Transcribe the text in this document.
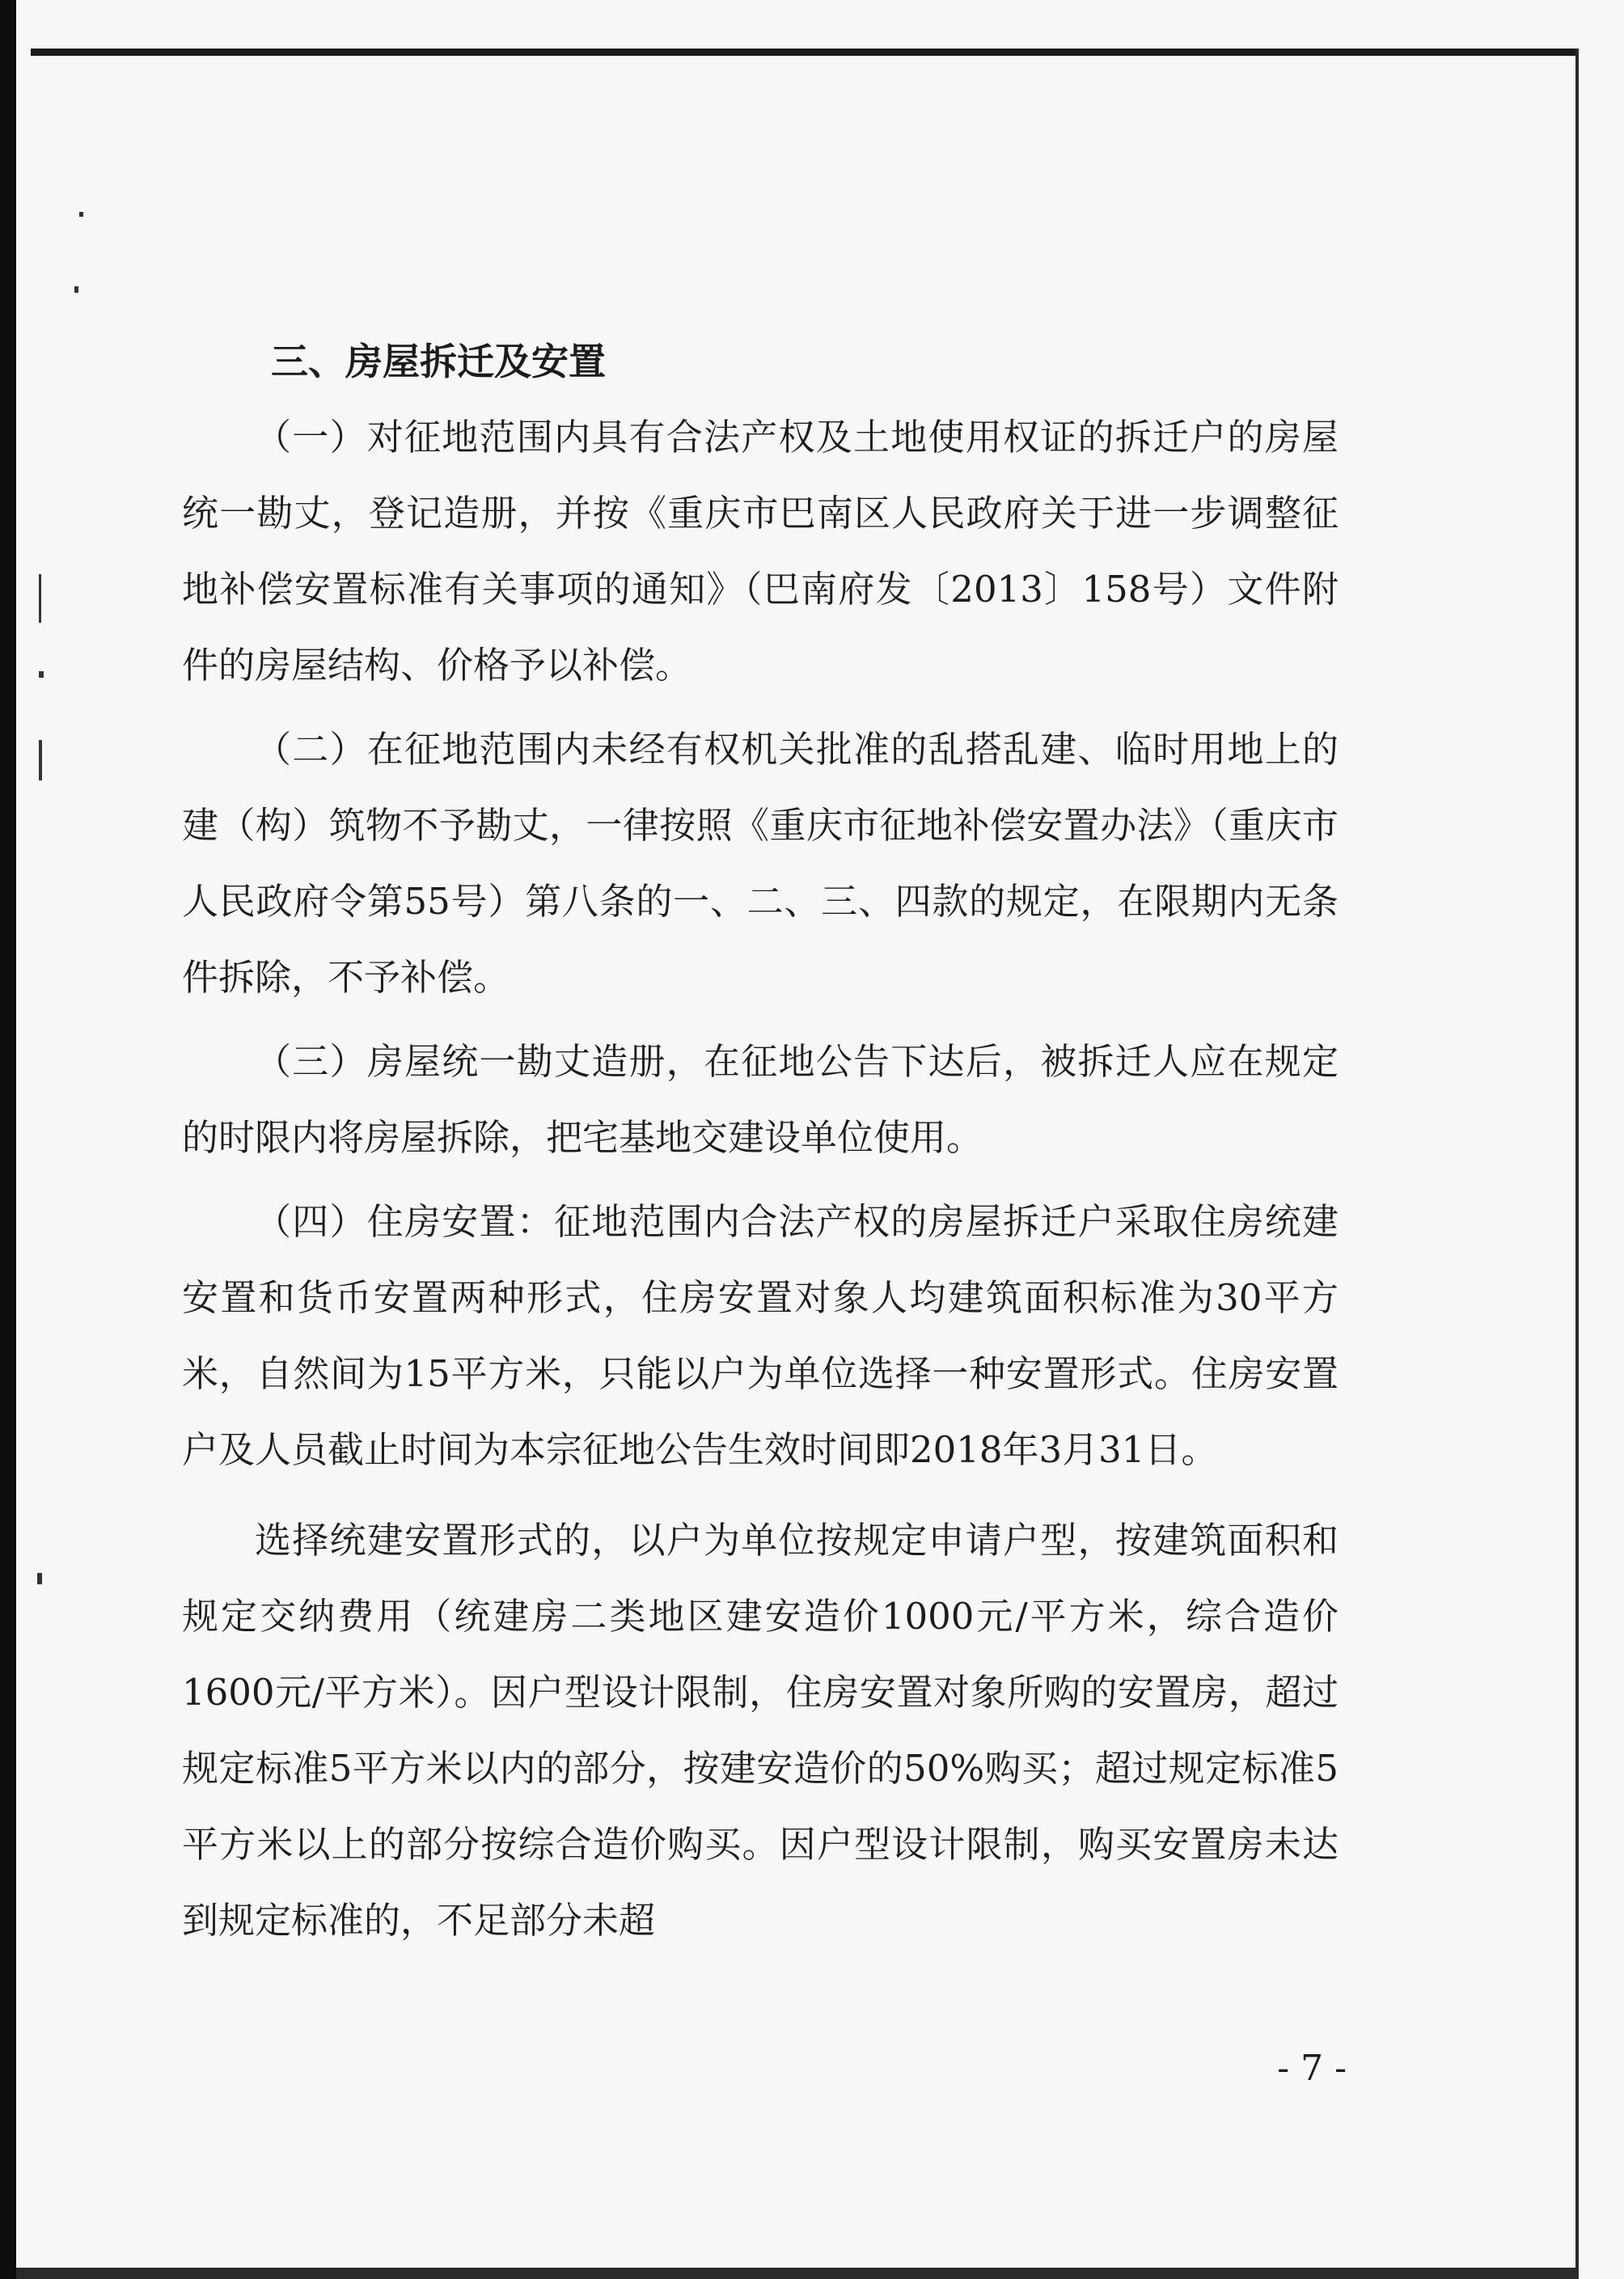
三、房屋拆迁及安置

（一）对征地范围内具有合法产权及土地使用权证的拆迁户的房屋统一勘丈，登记造册，并按《重庆市巴南区人民政府关于进一步调整征地补偿安置标准有关事项的通知》（巴南府发〔2013〕158号）文件附件的房屋结构、价格予以补偿。

（二）在征地范围内未经有权机关批准的乱搭乱建、临时用地上的建（构）筑物不予勘丈，一律按照《重庆市征地补偿安置办法》（重庆市人民政府令第55号）第八条的一、二、三、四款的规定，在限期内无条件拆除，不予补偿。

（三）房屋统一勘丈造册，在征地公告下达后，被拆迁人应在规定的时限内将房屋拆除，把宅基地交建设单位使用。

（四）住房安置：征地范围内合法产权的房屋拆迁户采取住房统建安置和货币安置两种形式，住房安置对象人均建筑面积标准为30平方米，自然间为15平方米，只能以户为单位选择一种安置形式。住房安置户及人员截止时间为本宗征地公告生效时间即2018年3月31日。

选择统建安置形式的，以户为单位按规定申请户型，按建筑面积和规定交纳费用（统建房二类地区建安造价1000元/平方米，综合造价1600元/平方米）。因户型设计限制，住房安置对象所购的安置房，超过规定标准5平方米以内的部分，按建安造价的50%购买；超过规定标准5平方米以上的部分按综合造价购买。因户型设计限制，购买安置房未达到规定标准的，不足部分未超

- 7 -
